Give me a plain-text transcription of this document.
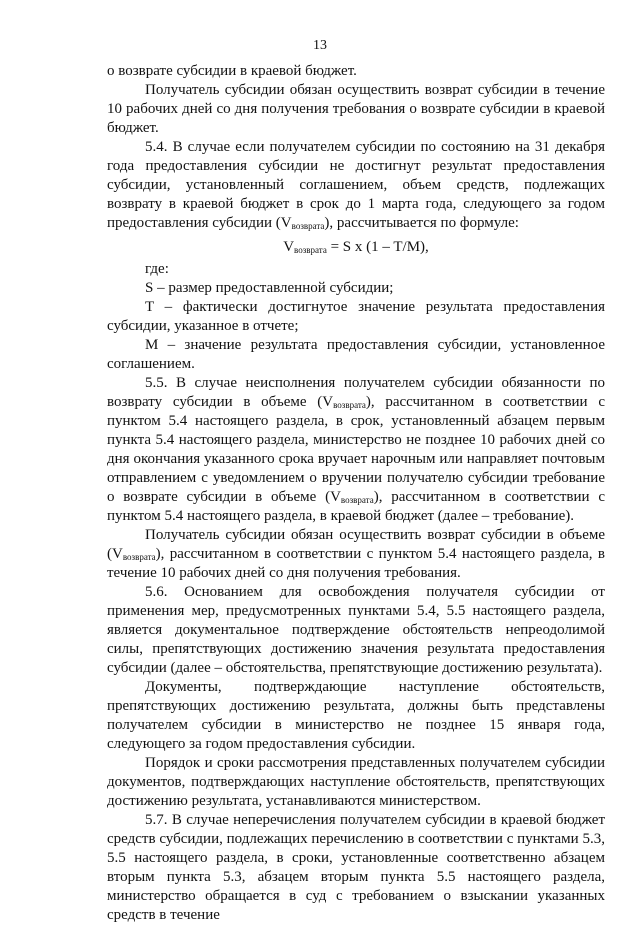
13

о возврате субсидии в краевой бюджет.

Получатель субсидии обязан осуществить возврат субсидии в течение 10 рабочих дней со дня получения требования о возврате субсидии в краевой бюджет.

5.4. В случае если получателем субсидии по состоянию на 31 декабря года предоставления субсидии не достигнут результат предоставления субсидии, установленный соглашением, объем средств, подлежащих возврату в краевой бюджет в срок до 1 марта года, следующего за годом предоставления субсидии $(V_{возврата})$, рассчитывается по формуле:

$V_{возврата} = S$ x (1 – T/M),

где:

S – размер предоставленной субсидии;

T – фактически достигнутое значение результата предоставления субсидии, указанное в отчете;

M – значение результата предоставления субсидии, установленное соглашением.

5.5. В случае неисполнения получателем субсидии обязанности по возврату субсидии в объеме $(V_{возврата})$, рассчитанном в соответствии с пунктом 5.4 настоящего раздела, в срок, установленный абзацем первым пункта 5.4 настоящего раздела, министерство не позднее 10 рабочих дней со дня окончания указанного срока вручает нарочным или направляет почтовым отправлением с уведомлением о вручении получателю субсидии требование о возврате субсидии в объеме $(V_{возврата})$, рассчитанном в соответствии с пунктом 5.4 настоящего раздела, в краевой бюджет (далее – требование).

Получатель субсидии обязан осуществить возврат субсидии в объеме $(V_{возврата})$, рассчитанном в соответствии с пунктом 5.4 настоящего раздела, в течение 10 рабочих дней со дня получения требования.

5.6. Основанием для освобождения получателя субсидии от применения мер, предусмотренных пунктами 5.4, 5.5 настоящего раздела, является документальное подтверждение обстоятельств непреодолимой силы, препятствующих достижению значения результата предоставления субсидии (далее – обстоятельства, препятствующие достижению результата).

Документы, подтверждающие наступление обстоятельств, препятствующих достижению результата, должны быть представлены получателем субсидии в министерство не позднее 15 января года, следующего за годом предоставления субсидии.

Порядок и сроки рассмотрения представленных получателем субсидии документов, подтверждающих наступление обстоятельств, препятствующих достижению результата, устанавливаются министерством.

5.7. В случае неперечисления получателем субсидии в краевой бюджет средств субсидии, подлежащих перечислению в соответствии с пунктами 5.3, 5.5 настоящего раздела, в сроки, установленные соответственно абзацем вторым пункта 5.3, абзацем вторым пункта 5.5 настоящего раздела, министерство обращается в суд с требованием о взыскании указанных средств в течение
